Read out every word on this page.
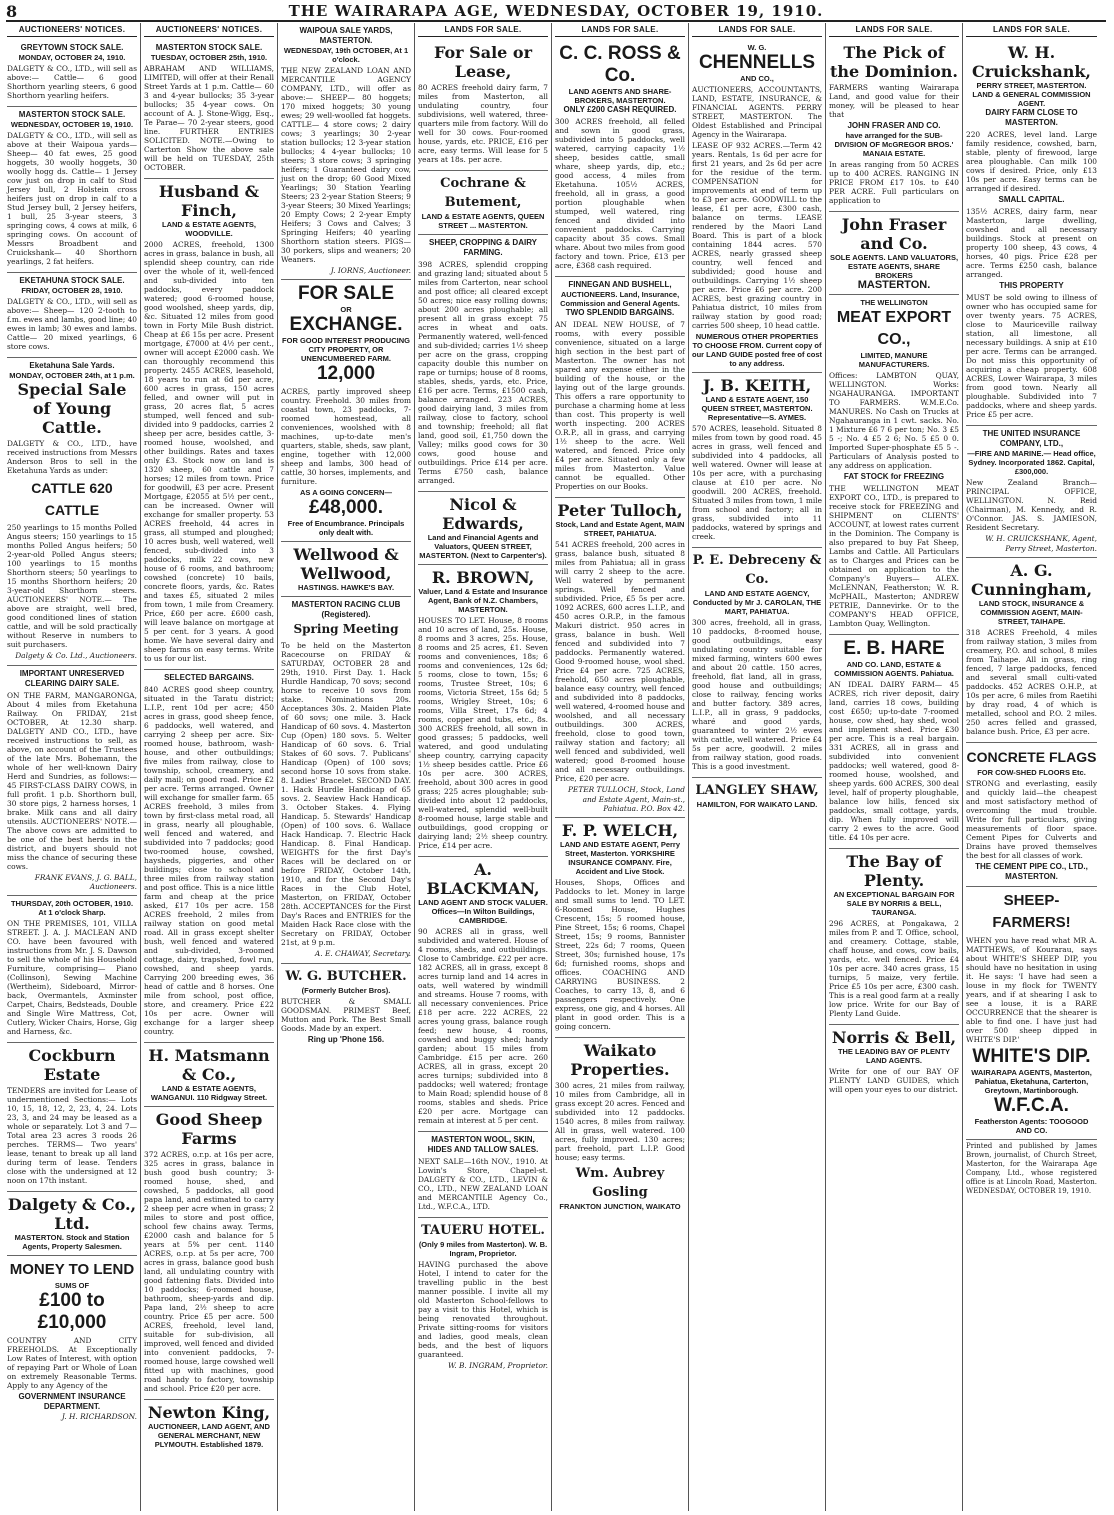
8	THE WAIRARAPA AGE, WEDNESDAY, OCTOBER 19, 1910.
AUCTIONEERS' NOTICES.
GREYTOWN STOCK SALE.
MONDAY, OCTOBER 24, 1910.
DALGETY & CO., LTD., will sell as above:— Cattle— 6 good Shorthorn yearling steers, 6 good Shorthorn yearling heifers.
MASTERTON STOCK SALE.
WEDNESDAY, OCTOBER 19, 1910.
DALGETY & CO., LTD., will sell as above at their Waipoua yards— Sheep— 40 fat ewes, 25 good hoggets, 30 woolly hoggets, 30 woolly hogg ds. Cattle— 1 Jersey cow just on drop in calf to Stud Jersey bull, 2 Holstein cross heifers just on drop in calf to a Stud Jersey bull, 2 Jersey heifers, 1 bull, 25 3-year steers, 3 springing cows, 4 cows at milk, 6 springing cows. On account of Messrs Broadbent and Cruickshank— 40 Shorthorn yearlings, 2 fat heifers.
EKETAHUNA STOCK SALE.
FRIDAY, OCTOBER 28, 1910.
DALGETY & CO., LTD., will sell as above:— Sheep— 120 2-tooth to f.m. ewes and lambs, good line; 40 ewes in lamb; 30 ewes and lambs. Cattle— 20 mixed yearlings, 6 store cows.
Eketahuna Sale Yards.
MONDAY, OCTOBER 24th, at 1 p.m.
Special Sale of Young Cattle.
DALGETY & CO., LTD., have received instructions from Messrs Anderson Bros to sell in the Eketahuna Yards as under:
CATTLE 620 CATTLE
250 yearlings to 15 months Polled Angus steers; 150 yearlings to 15 months Polled Angus heifers; 50 2-year-old Polled Angus steers; 100 yearlings to 15 months Shorthorn steers; 50 yearlings to 15 months Shorthorn heifers; 20 3-year-old Shorthorn steers. AUCTIONEERS' NOTE.— The above are straight, well bred, good conditioned lines of station cattle, and will be sold practically without Reserve in numbers to suit purchasers.
Dalgety & Co. Ltd., Auctioneers.
IMPORTANT UNRESERVED CLEARING DAIRY SALE.
ON THE FARM, MANGARONGA, About 4 miles from Eketahuna Railway. On FRIDAY, 21st OCTOBER, At 12.30 sharp. DALGETY AND CO., LTD., have received instructions to sell, as above, on account of the Trustees of the late Mrs. Bohemann, the whole of her well-known Dairy Herd and Sundries, as follows:— 45 FIRST-CLASS DAIRY COWS, in full profit. 1 p.b. Shorthorn bull, 30 store pigs, 2 harness horses, 1 brake. Milk cans and all dairy utensils. AUCTIONEERS' NOTE.— The above cows are admitted to be one of the best herds in the district, and buyers should not miss the chance of securing these cows.
FRANK EVANS, J. G. BALL, Auctioneers.
THURSDAY, 20th OCTOBER, 1910. At 1 o'clock Sharp.
ON THE PREMISES, 101, VILLA STREET. J. A. J. MACLEAN AND CO. have been favoured with instructions from Mr. J. S. Dawson to sell the whole of his Household Furniture, comprising— Piano (Collinson), Sewing Machine (Wertheim), Sideboard, Mirror-back, Overmantels, Axminster Carpet, Chairs, Bedsteads, Double and Single Wire Mattress, Cot, Cutlery, Wicker Chairs, Horse, Gig and Harness, &c.
Cockburn Estate
TENDERS are invited for Lease of undermentioned Sections:— Lots 10, 15, 18, 12, 2, 23, 4, 24. Lots 23, 3, and 24 may be leased as a whole or separately. Lot 3 and 7— Total area 23 acres 3 roods 26 perches. TERMS— Two years' lease, tenant to break up all land during term of lease. Tenders close with the undersigned at 12 noon on 17th instant.
Dalgety & Co., Ltd.
MASTERTON. Stock and Station Agents, Property Salesmen.
MONEY TO LEND
SUMS OF
£100 to £10,000
COUNTRY AND CITY FREEHOLDS. At Exceptionally Low Rates of Interest, with option of repaying Part or Whole of Loan on extremely Reasonable Terms. Apply to any Agency of the
GOVERNMENT INSURANCE DEPARTMENT.
J. H. RICHARDSON.
AUCTIONEERS' NOTICES.
MASTERTON STOCK SALE.
TUESDAY, OCTOBER 25th, 1910.
ABRAHAM AND WILLIAMS, LIMITED, will offer at their Renall Street Yards at 1 p.m. Cattle— 60 3 and 4-year bullocks; 35 3-year bullocks; 35 4-year cows. On account of A. J. Stone-Wigg, Esq., Te Parae— 70 2-year steers, good line. FURTHER ENTRIES SOLICITED. NOTE.—Owing to Carterton Show the above sale will be held on TUESDAY, 25th OCTOBER.
Husband & Finch,
LAND & ESTATE AGENTS, WOODVILLE.
2000 ACRES, freehold, 1300 acres in grass, balance in bush, all splendid sheep country, can ride over the whole of it, well-fenced and sub-divided into ten paddocks, every paddock watered; good 6-roomed house, good woolshed, sheep yards, dip, &c. Situated 12 miles from good town in Forty Mile Bush district. Cheap at £6 15s per acre. Present mortgage, £7000 at 4½ per cent., owner will accept £2000 cash. We can thoroughly recommend this property. 2455 ACRES, leasehold, 18 years to run at 6d per acre, 600 acres in grass, 150 acres felled, and owner will put in grass, 20 acres flat, 5 acres stumped, well fenced and sub-divided into 9 paddocks, carries 2 sheep per acre, besides cattle, 3-roomed house, woolshed, and other buildings. Rates and taxes only £3. Stock now on land is 1320 sheep, 60 cattle and 7 horses; 12 miles from town. Price for goodwill, £3 per acre. Present Mortgage, £2055 at 5½ per cent., can be increased. Owner will exchange for smaller property. 53 ACRES freehold, 44 acres in grass, all stumped and ploughed; 10 acres bush, well watered, well fenced, sub-divided into 3 paddocks, milk 22 cows, new house of 6 rooms, and bathroom; cowshed (concrete) 10 bails, concrete floors, yards, &c. Rates and taxes £5, situated 2 miles from town, 1 mile from Creamery. Price, £60 per acre. £600 cash, will leave balance on mortgage at 5 per cent. for 3 years. A good home. We have several dairy and sheep farms on easy terms. Write to us for our list.
SELECTED BARGAINS.
840 ACRES good sheep country, situated in the Taratu district; L.I.P., rent 10d per acre; 450 acres in grass, good sheep fence, 6 paddocks, well watered, and carrying 2 sheep per acre. Six-roomed house, bathroom, wash-house, and other outbuildings; five miles from railway, close to township, school, creamery, and daily mail; on good road. Price £2 per acre. Terms arranged. Owner will exchange for smaller farm. 65 ACRES freehold, 3 miles from town by first-class metal road, all in grass, nearly all ploughable, well fenced and watered, and subdivided into 7 paddocks; good two-roomed house, cowshed, haysheds, piggeries, and other buildings; close to school and three miles from railway station and post office. This is a nice little farm and cheap at the price asked, £17 10s per acre. 158 ACRES freehold, 2 miles from railway station on good metal road. All in grass except shelter bush, well fenced and watered and sub-divided, 3-roomed cottage, dairy, trapshed, fowl run, cowshed, and sheep yards. Carrying 200 breeding ewes, 36 head of cattle and 8 horses. One mile from school, post office, store, and creamery. Price £22 10s per acre. Owner will exchange for a larger sheep country.
H. Matsmann & Co.,
LAND & ESTATE AGENTS, WANGANUI. 110 Ridgway Street.
Good Sheep Farms
372 ACRES, o.r.p. at 16s per acre, 325 acres in grass, balance in bush good bush country; 3-roomed house, shed, and cowshed, 5 paddocks, all good papa land, and estimated to carry 2 sheep per acre when in grass; 2 miles to store and post office, school few chains away. Terms, £2000 cash and balance for 5 years at 5% per cent. 1140 ACRES, o.r.p. at 5s per acre, 700 acres in grass, balance good bush land, all undulating country with good fattening flats. Divided into 10 paddocks; 6-roomed house, bathroom, sheep-yards and dip. Papa land, 2½ sheep to acre country. Price £5 per acre. 500 ACRES, freehold, level land, suitable for sub-division, all improved, well fenced and divided into convenient paddocks, 7-roomed house, large cowshed well fitted up with machines, good road handy to factory, township and school. Price £20 per acre.
Newton King,
AUCTIONEER, LAND AGENT, AND GENERAL MERCHANT, NEW PLYMOUTH. Established 1879.
WAIPOUA SALE YARDS, MASTERTON.
WEDNESDAY, 19th OCTOBER, At 1 o'clock.
THE NEW ZEALAND LOAN AND MERCANTILE AGENCY COMPANY, LTD., will offer as above:— SHEEP— 80 hoggets; 170 mixed hoggets; 30 young ewes; 29 well-woolled fat hoggets. CATTLE— 4 store cows; 2 dairy cows; 3 yearlings; 30 2-year station bullocks; 12 3-year station bullocks; 4 4-year bullocks; 10 steers; 3 store cows; 3 springing heifers; 1 Guaranteed dairy cow, just on the drop; 60 Good Mixed Yearlings; 30 Station Yearling Steers; 23 2-year Station Steers; 9 3-year Steers; 30 Mixed Yearlings; 20 Empty Cows; 2 2-year Empty Heifers; 3 Cows and Calves; 3 Springing Heifers; 40 yearling Shorthorn station steers. PIGS— 30 porkers, slips and weaners; 20 Weaners.
J. IORNS, Auctioneer.
FOR SALE
OR
EXCHANGE.
FOR GOOD INTEREST PRODUCING CITY PROPERTY, OR UNENCUMBERED FARM.
12,000
ACRES, partly improved sheep country. Freehold. 30 miles from coastal town, 23 paddocks, 7-roomed homestead, all conveniences, woolshed with 8 machines, up-to-date men's quarters, stable, sheds, saw plant, engine, together with 12,000 sheep and lambs, 300 head of cattle, 30 horses, implements, and furniture.
AS A GOING CONCERN—
£48,000.
Free of Encumbrance. Principals only dealt with.
Wellwood & Wellwood,
HASTINGS. HAWKE'S BAY.
MASTERTON RACING CLUB (Registered).
Spring Meeting
To be held on the Masterton Racecourse on FRIDAY & SATURDAY, OCTOBER 28 and 29th, 1910. First Day. 1. Hack Hurdle Handicap, 70 sovs; second horse to receive 10 sovs from stake. Nominations 20s. Acceptances 30s. 2. Maiden Plate of 60 sovs; one mile. 3. Hack Handicap of 60 sovs. 4. Masterton Cup (Open) 180 sovs. 5. Welter Handicap of 60 sovs. 6. Trial Stakes of 60 sovs. 7. Publicans' Handicap (Open) of 100 sovs; second horse 10 sovs from stake. 8. Ladies' Bracelet. SECOND DAY. 1. Hack Hurdle Handicap of 65 sovs. 2. Seaview Hack Handicap. 3. October Stakes. 4. Flying Handicap. 5. Stewards' Handicap (Open) of 100 sovs. 6. Wallace Hack Handicap. 7. Electric Hack Handicap. 8. Final Handicap. WEIGHTS for the first Day's Races will be declared on or before FRIDAY, October 14th, 1910, and for the Second Day's Races in the Club Hotel, Masterton, on FRIDAY, October 28th. ACCEPTANCES for the First Day's Races and ENTRIES for the Maiden Hack Race close with the Secretary on FRIDAY, October 21st, at 9 p.m.
A. E. CHAWAY, Secretary.
W. G. BUTCHER.
(Formerly Butcher Bros).
BUTCHER & SMALL GOODSMAN. PRIMEST Beef, Mutton and Pork. The Best Small Goods. Made by an expert.
Ring up 'Phone 156.
LANDS FOR SALE.
For Sale or Lease,
80 ACRES freehold dairy farm, 7 miles from Masterton, all undulating country, four subdivisions, well watered, three-quarters mile from factory. Will do well for 30 cows. Four-roomed house, yards, etc. PRICE, £16 per acre, easy terms. Will lease for 5 years at 18s. per acre.
Cochrane & Butement,
LAND & ESTATE AGENTS, QUEEN STREET ... MASTERTON.
SHEEP, CROPPING & DAIRY FARMING.
398 ACRES, splendid cropping and grazing land; situated about 5 miles from Carterton, near school and post office; all cleared except 50 acres; nice easy rolling downs; about 200 acres ploughable; all present all in grass except 75 acres in wheat and oats. Permanently watered, well-fenced and sub-divided; carries 1½ sheep per acre on the grass, cropping capacity double this number on rape or turnips; house of 8 rooms, stables, sheds, yards, etc. Price, £16 per acre. Terms, £1500 cash, balance arranged. 223 ACRES, good dairying land, 3 miles from railway, close to factory, school and township; freehold; all flat land, good soil, £1,750 down the Valley; milks good cows for 30 cows, good house and outbuildings. Price £14 per acre. Terms £750 cash, balance arranged.
Nicol & Edwards,
Land and Financial Agents and Valuators, QUEEN STREET, MASTERTON. (Next to Carpenter's).
R. BROWN,
Valuer, Land & Estate and Insurance Agent, Bank of N.Z. Chambers, MASTERTON.
HOUSES TO LET. House, 8 rooms and 10 acres of land, 25s. House, 8 rooms and 3 acres, 25s. House, 8 rooms and 25 acres, £1. Seven rooms and conveniences, 18s; 6 rooms and conveniences, 12s 6d; 5 rooms, close to town, 15s; 6 rooms, Trustee Street, 10s; 6 rooms, Victoria Street, 15s 6d; 5 rooms, Wrigley Street, 10s; 6 rooms, Villa Street, 17s 6d; 4 rooms, copper and tubs, etc., 8s. 300 ACRES freehold, all sown in good grasses; 5 paddocks, well watered, and good undulating sheep country, carrying capacity 1½ sheep besides cattle. Price £6 10s per acre. 300 ACRES, freehold, about 300 acres in good grass; 225 acres ploughable; sub-divided into about 12 paddocks, well-watered, splendid well-built 8-roomed house, large stable and outbuildings, good cropping or dairying land; 2½ sheep country. Price, £14 per acre.
A. BLACKMAN,
LAND AGENT AND STOCK VALUER. Offices—In Wilton Buildings, CAMBRIDGE.
90 ACRES all in grass, well subdivided and watered. House of 4 rooms, sheds, and outbuildings. Close to Cambridge. £22 per acre. 182 ACRES, all in grass, except 8 acres turnip land and 14 acres in oats, well watered by windmill and streams. House 7 rooms, with all necessary conveniences. Price £18 per acre. 222 ACRES, 22 acres young grass, balance rough feed; new house, 4 rooms, cowshed and buggy shed; handy garden; about 15 miles from Cambridge. £15 per acre. 260 ACRES, all in grass, except 20 acres turnips; subdivided into 8 paddocks; well watered; frontage to Main Road; splendid house of 8 rooms, stables and sheds. Price £20 per acre. Mortgage can remain at interest at 5 per cent.
MASTERTON WOOL, SKIN, HIDES AND TALLOW SALES.
NEXT SALE—16th NOV., 1910. At Lowin's Store, Chapel-st. DALGETY & CO., LTD., LEVIN & CO., LTD., NEW ZEALAND LOAN and MERCANTILE Agency Co., Ltd., W.F.C.A., LTD.
TAUERU HOTEL.
(Only 9 miles from Masterton). W. B. Ingram, Proprietor.
HAVING purchased the above Hotel, I intend to cater for the travelling public in the best manner possible. I invite all my old Masterton School-fellows to pay a visit to this Hotel, which is being renovated throughout. Private sitting-rooms for visitors and ladies, good meals, clean beds, and the best of liquors guaranteed.
W. B. INGRAM, Proprietor.
LANDS FOR SALE.
C. C. ROSS & Co.
LAND AGENTS AND SHARE-BROKERS, MASTERTON.
ONLY £200 CASH REQUIRED.
300 ACRES freehold, all felled and sown in good grass, subdivided into 5 paddocks, well watered, carrying capacity 1½ sheep, besides cattle, small whare, sheep yards, dip, etc.; good access, 4 miles from Eketahuna. 105½ ACRES, freehold, all in grass, a good portion ploughable when stumped, well watered, ring fenced and divided into convenient paddocks. Carrying capacity about 35 cows. Small whare. About two miles from good factory and town. Price, £13 per acre, £368 cash required.
FINNEGAN AND BUSHELL,
AUCTIONEERS. Land, Insurance, Commission and General Agents.
TWO SPLENDID BARGAINS.
AN IDEAL NEW HOUSE, of 7 rooms, with every possible convenience, situated on a large high section in the best part of Masterton. The owner has not spared any expense either in the building of the house, or the laying out of the large grounds. This offers a rare opportunity to purchase a charming home at less than cost. This property is well worth inspecting. 200 ACRES O.R.P., all in grass, and carrying 1½ sheep to the acre. Well watered, and fenced. Price only £4 per acre. Situated only a few miles from Masterton. Value cannot be equalled. Other Properties on our Books.
Peter Tulloch,
Stock, Land and Estate Agent, MAIN STREET, PAHIATUA.
541 ACRES freehold, 200 acres in grass, balance bush, situated 8 miles from Pahiatua; all in grass will carry 2 sheep to the acre. Well watered by permanent springs. Well fenced and subdivided. Price, £5 5s per acre. 1092 ACRES, 600 acres L.I.P., and 450 acres O.R.P., in the famous Makuri district. 950 acres in grass, balance in bush. Well fenced and subdivided into 7 paddocks. Permanently watered. Good 9-roomed house, wool shed. Price £4 per acre. 725 ACRES, freehold, 650 acres ploughable, balance easy country, well fenced and subdivided into 8 paddocks, well watered, 4-roomed house and woolshed, and all necessary outbuildings. 300 ACRES, freehold, close to good town, railway station and factory; all well fenced and subdivided, well watered; good 8-roomed house and all necessary outbuildings. Price, £20 per acre.
PETER TULLOCH, Stock, Land and Estate Agent, Main-st., Pahiatua. P.O. Box 42.
F. P. WELCH,
LAND AND ESTATE AGENT, Perry Street, Masterton. YORKSHIRE INSURANCE COMPANY. Fire, Accident and Live Stock.
Houses, Shops, Offices and Paddocks to let. Money in large and small sums to lend. TO LET. 6-Roomed House, Hughes Crescent, 15s; 5 roomed house, Pine Street, 15s; 6 rooms, Chapel Street, 15s; 9 rooms, Bannister Street, 22s 6d; 7 rooms, Queen Street, 30s; furnished house, 17s 6d; furnished rooms, shops and offices. COACHING AND CARRYING BUSINESS. 2 Coaches, to carry 13, 8, and 6 passengers respectively. One express, one gig, and 4 horses. All plant in good order. This is a going concern.
Waikato Properties.
300 acres, 21 miles from railway, 10 miles from Cambridge, all in grass except 20 acres. Fenced and subdivided into 12 paddocks. 1540 acres, 8 miles from railway. All in grass, well watered. 100 acres, fully improved. 130 acres; part freehold, part L.I.P. Good house; easy terms.
Wm. Aubrey Gosling
FRANKTON JUNCTION, WAIKATO
LANDS FOR SALE.
W. G.
CHENNELLS
AND CO.,
AUCTIONEERS, ACCOUNTANTS, LAND, ESTATE, INSURANCE, & FINANCIAL AGENTS. PERRY STREET, MASTERTON. The Oldest Established and Principal Agency in the Wairarapa.
LEASE OF 932 ACRES.—Term 42 years. Rentals, 1s 6d per acre for first 21 years, and 2s 6d per acre for the residue of the term. COMPENSATION for improvements at end of term up to £3 per acre. GOODWILL to the lease, £1 per acre, £300 cash, balance on terms. LEASE rendered by the Maori Land Board. This is part of a block containing 1844 acres. 570 ACRES, nearly grassed sheep country, well fenced and subdivided; good house and outbuildings. Carrying 1½ sheep per acre. Price £6 per acre. 200 ACRES, best grazing country in Pahiatua district, 10 miles from railway station by good road; carries 500 sheep, 10 head cattle.
NUMEROUS OTHER PROPERTIES TO CHOOSE FROM. Current copy of our LAND GUIDE posted free of cost to any address.
J. B. KEITH,
LAND & ESTATE AGENT, 150 QUEEN STREET, MASTERTON. Representative—S. AYMES.
570 ACRES, leasehold. Situated 8 miles from town by good road. 45 acres in grass, well fenced and subdivided into 4 paddocks, all well watered. Owner will lease at 10s per acre, with a purchasing clause at £10 per acre. No goodwill. 200 ACRES, freehold. Situated 3 miles from town, 1 mile from school and factory; all in grass, subdivided into 11 paddocks, watered by springs and creek.
P. E. Debreceny & Co.
LAND AND ESTATE AGENCY, Conducted by Mr J. CAROLAN, THE MART, PAHIATUA.
300 acres, freehold, all in grass, 10 paddocks, 8-roomed house, good outbuildings, easy undulating country suitable for mixed farming, winters 600 ewes and about 20 cattle. 150 acres, freehold, flat land, all in grass, good house and outbuildings; close to railway, fencing works and butter factory. 389 acres, L.I.P., all in grass, 9 paddocks, wharé and good yards, guaranteed to winter 2½ ewes with cattle, well watered. Price £4 5s per acre, goodwill. 2 miles from railway station, good roads. This is a good investment.
LANGLEY SHAW,
HAMILTON, FOR WAIKATO LAND.
LANDS FOR SALE.
The Pick of the Dominion.
FARMERS wanting Wairarapa Land, and good value for their money, will be pleased to hear that
JOHN FRASER AND CO.
have arranged for the SUB-DIVISION OF McGREGOR BROS.' MANAIA ESTATE.
In areas ranging from 50 ACRES up to 400 ACRES. RANGING IN PRICE FROM £17 10s. to £40 PER ACRE. Full particulars on application to
John Fraser and Co.
SOLE AGENTS. LAND VALUATORS, ESTATE AGENTS, SHARE BROKERS
MASTERTON.
THE WELLINGTON
MEAT EXPORT CO.,
LIMITED, MANURE MANUFACTURERS.
Offices: LAMBTON QUAY, WELLINGTON. Works: NGAHAURANGA. IMPORTANT TO FARMERS. W.M.E.Co. MANURES. No Cash on Trucks at Ngahauranga in 1 cwt. sacks. No. 1 Mixture £6 7 6 per ton; No. 3 £5 5 -; No. 4 £5 2 6; No. 5 £5 0 0. Imported Super-phosphate £5 5 -. Particulars of Analysis posted to any address on application.
FAT STOCK for FREEZING
THE WELLINGTON MEAT EXPORT CO., LTD., is prepared to receive stock for FREEZING and SHIPMENT on CLIENTS' ACCOUNT, at lowest rates current in the Dominion. The Company is also prepared to buy Fat Sheep, Lambs and Cattle. All Particulars as to Charges and Prices can be obtained on application to the Company's Buyers— ALEX. McLENNAN, Featherston; W. R. McPHAIL, Masterton; ANDREW PETRIE, Dannevirke. Or to the COMPANY'S HEAD OFFICE, Lambton Quay, Wellington.
E. B. HARE
AND CO. LAND, ESTATE & COMMISSION AGENTS. Pahiatua.
AN IDEAL DAIRY FARM— 45 ACRES, rich river deposit, dairy land, carries 18 cows, building cost £650; up-to-date 7-roomed house, cow shed, hay shed, wool and implement shed. Price £30 per acre. This is a real bargain. 331 ACRES, all in grass and subdivided into convenient paddocks; well watered, good 8-roomed house, woolshed, and sheep yards. 600 ACRES, 300 deal level, half of property ploughable, balance low hills, fenced six paddocks, small cottage, yards, dip. When fully improved will carry 2 ewes to the acre. Good title. £4 10s per acre.
The Bay of Plenty.
AN EXCEPTIONAL BARGAIN FOR SALE BY NORRIS & BELL, TAURANGA.
296 ACRES, at Pongakawa, 2 miles from P. and T. Office, school, and creamery. Cottage, stable, chaff house, and cows, cow bails, yards, etc. well fenced. Price £4 10s per acre. 340 acres grass, 15 turnips, 5 maize, very fertile. Price £5 10s per acre, £300 cash. This is a real good farm at a really low price. Write for our Bay of Plenty Land Guide.
Norris & Bell,
THE LEADING BAY OF PLENTY LAND AGENTS.
Write for one of our BAY OF PLENTY LAND GUIDES, which will open your eyes to our district.
LANDS FOR SALE.
W. H. Cruickshank,
PERRY STREET, MASTERTON. LAND & GENERAL COMMISSION AGENT.
DAIRY FARM CLOSE TO MASTERTON.
220 ACRES, level land. Large family residence, cowshed, barn, stable, plenty of firewood, large area ploughable. Can milk 100 cows if desired. Price, only £13 10s per acre. Easy terms can be arranged if desired.
SMALL CAPITAL.
135½ ACRES, dairy farm, near Masterton, large dwelling, cowshed and all necessary buildings. Stock at present on property 100 sheep, 43 cows, 4 horses, 40 pigs. Price £28 per acre. Terms £250 cash, balance arranged.
THIS PROPERTY
MUST be sold owing to illness of owner who has occupied same for over twenty years. 75 ACRES, close to Mauriceville railway station, all limestone, all necessary buildings. A snip at £10 per acre. Terms can be arranged. Do not miss this opportunity of acquiring a cheap property. 608 ACRES, Lower Wairarapa, 3 miles from good town. Nearly all ploughable. Subdivided into 7 paddocks, where and sheep yards. Price £5 per acre.
THE UNITED INSURANCE COMPANY, LTD.,
—FIRE AND MARINE.— Head office, Sydney. Incorporated 1862. Capital, £300,000.
New Zealand Branch— PRINCIPAL OFFICE, WELLINGTON. N. Reid (Chairman), M. Kennedy, and R. O'Connor. JAS. S. JAMIESON, Resident Secretary.
W. H. CRUICKSHANK, Agent, Perry Street, Masterton.
A. G. Cunningham,
LAND STOCK, INSURANCE & COMMISSION AGENT, MAIN-STREET, TAIHAPE.
318 ACRES Freehold, 4 miles from railway station, 3 miles from creamery, P.O. and school, 8 miles from Taihape. All in grass, ring fenced, 7 large paddocks, fenced and several small culti-vated paddocks. 452 ACRES O.H.P., at 10s per acre, 6 miles from Raetihi by dray road, 4 of which is metalled, school and P.O. 2 miles. 250 acres felled and grassed, balance bush. Price, £3 per acre.
CONCRETE FLAGS
FOR COW-SHED FLOORS Etc.
STRONG and everlasting, easily and quickly laid—the cheapest and most satisfactory method of overcoming the mud trouble. Write for full particulars, giving measurements of floor space. Cement Pipes for Culverts and Drains have proved themselves the best for all classes of work.
THE CEMENT PIPE CO., LTD., MASTERTON.
SHEEP-FARMERS!
WHEN you have read what MR A. MATTHEWS, of Kourarau, says about WHITE'S SHEEP DIP, you should have no hesitation in using it. He says: 'I have had seen a louse in my flock for TWENTY years, and if at shearing I ask to see a louse, it is a RARE OCCURRENCE that the shearer is able to find one. I have just had over 500 sheep dipped in WHITE'S DIP.'
WHITE'S DIP.
WAIRARAPA AGENTS, Masterton, Pahiatua, Eketahuna, Carterton, Greytown, Martinborough.
W.F.C.A.
Featherston Agents: TOOGOOD AND CO.
Printed and published by James Brown, journalist, of Church Street, Masterton, for the Wairarapa Age Company, Ltd., whose registered office is at Lincoln Road, Masterton. WEDNESDAY, OCTOBER 19, 1910.
